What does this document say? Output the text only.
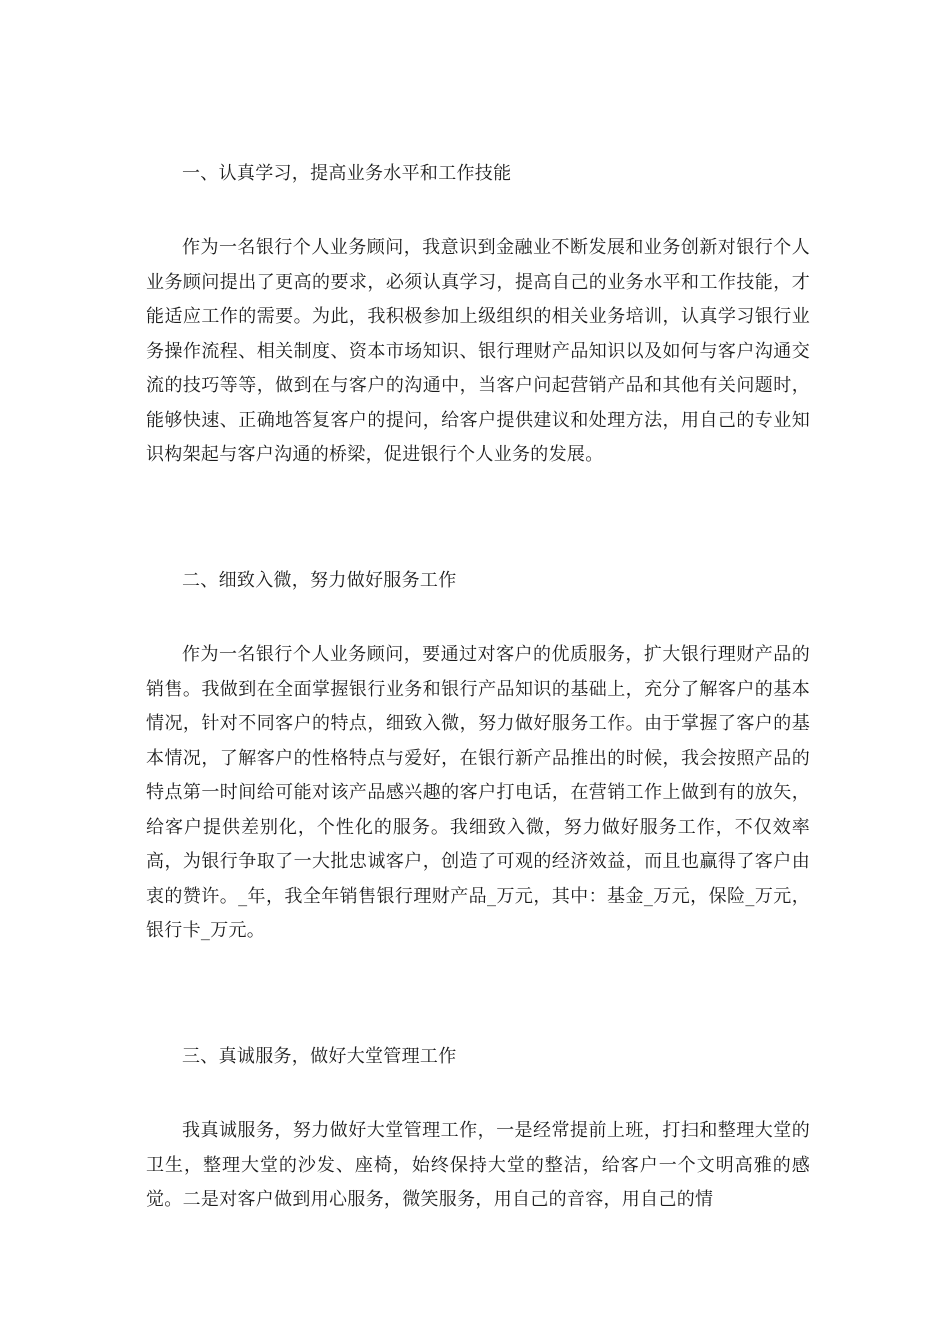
一、认真学习，提高业务水平和工作技能

作为一名银行个人业务顾问，我意识到金融业不断发展和业务创新对银行个人业务顾问提出了更高的要求，必须认真学习，提高自己的业务水平和工作技能，才能适应工作的需要。为此，我积极参加上级组织的相关业务培训，认真学习银行业务操作流程、相关制度、资本市场知识、银行理财产品知识以及如何与客户沟通交流的技巧等等，做到在与客户的沟通中，当客户问起营销产品和其他有关问题时，能够快速、正确地答复客户的提问，给客户提供建议和处理方法，用自己的专业知识构架起与客户沟通的桥梁，促进银行个人业务的发展。

二、细致入微，努力做好服务工作

作为一名银行个人业务顾问，要通过对客户的优质服务，扩大银行理财产品的销售。我做到在全面掌握银行业务和银行产品知识的基础上，充分了解客户的基本情况，针对不同客户的特点，细致入微，努力做好服务工作。由于掌握了客户的基本情况，了解客户的性格特点与爱好，在银行新产品推出的时候，我会按照产品的特点第一时间给可能对该产品感兴趣的客户打电话，在营销工作上做到有的放矢，给客户提供差别化，个性化的服务。我细致入微，努力做好服务工作，不仅效率高，为银行争取了一大批忠诚客户，创造了可观的经济效益，而且也赢得了客户由衷的赞许。_年，我全年销售银行理财产品_万元，其中：基金_万元，保险_万元，银行卡_万元。

三、真诚服务，做好大堂管理工作

我真诚服务，努力做好大堂管理工作，一是经常提前上班，打扫和整理大堂的卫生，整理大堂的沙发、座椅，始终保持大堂的整洁，给客户一个文明高雅的感觉。二是对客户做到用心服务，微笑服务，用自己的音容，用自己的情
